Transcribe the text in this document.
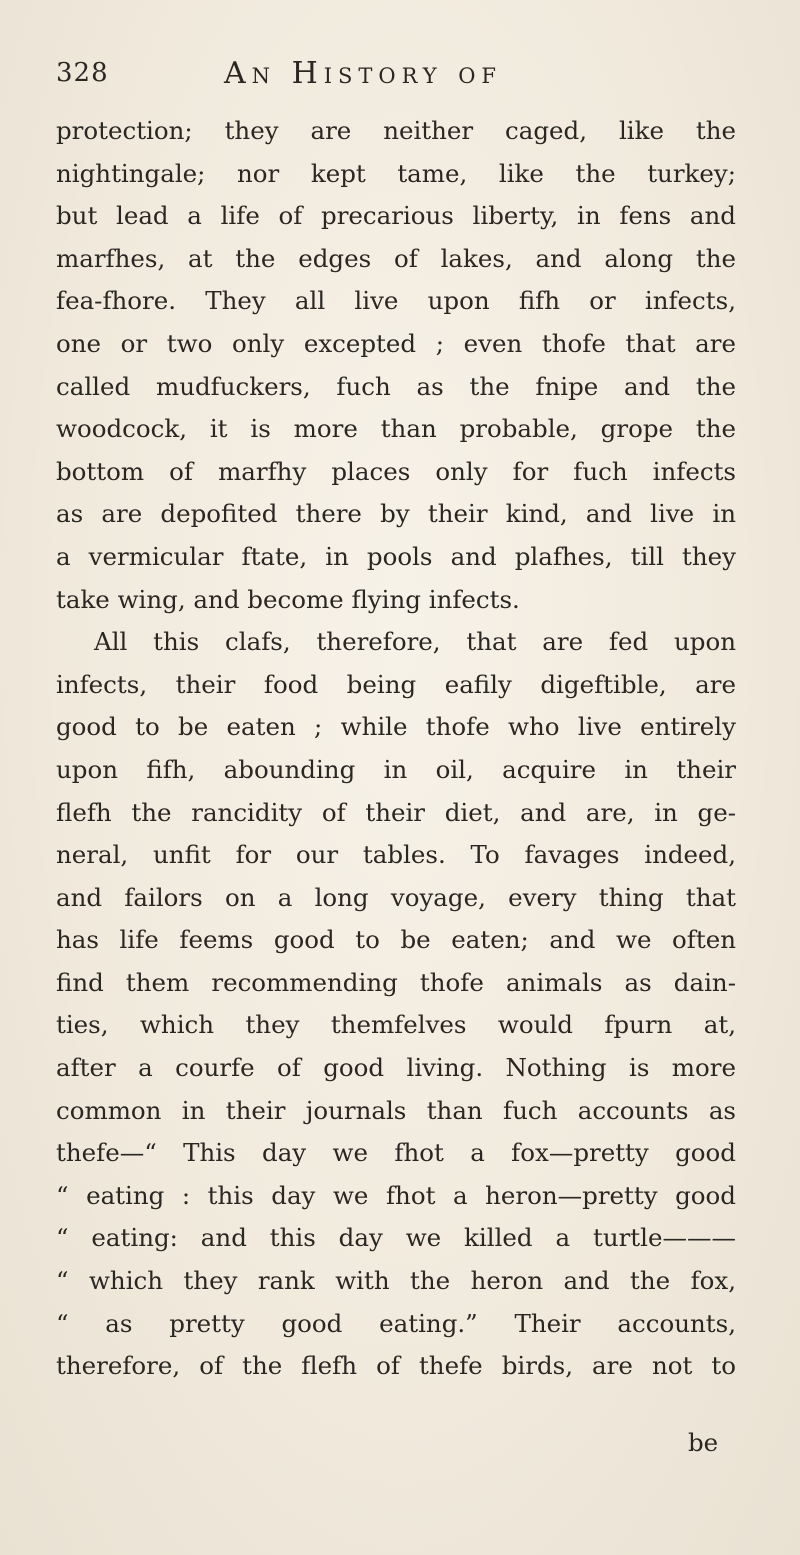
328	An History of
protection; they are neither caged, like the
nightingale; nor kept tame, like the turkey;
but lead a life of precarious liberty, in fens and
marfhes, at the edges of lakes, and along the
fea-fhore. They all live upon fifh or infects,
one or two only excepted ; even thofe that are
called mudfuckers, fuch as the fnipe and the
woodcock, it is more than probable, grope the
bottom of marfhy places only for fuch infects
as are depofited there by their kind, and live in
a vermicular ftate, in pools and plafhes, till they
take wing, and become flying infects.
All this clafs, therefore, that are fed upon
infects, their food being eafily digeftible, are
good to be eaten ; while thofe who live entirely
upon fifh, abounding in oil, acquire in their
flefh the rancidity of their diet, and are, in ge-
neral, unfit for our tables. To favages indeed,
and failors on a long voyage, every thing that
has life feems good to be eaten; and we often
find them recommending thofe animals as dain-
ties, which they themfelves would fpurn at,
after a courfe of good living. Nothing is more
common in their journals than fuch accounts as
thefe—“ This day we fhot a fox—pretty good
“ eating : this day we fhot a heron—pretty good
“ eating: and this day we killed a turtle———
“ which they rank with the heron and the fox,
“ as pretty good eating.” Their accounts,
therefore, of the flefh of thefe birds, are not to
be
